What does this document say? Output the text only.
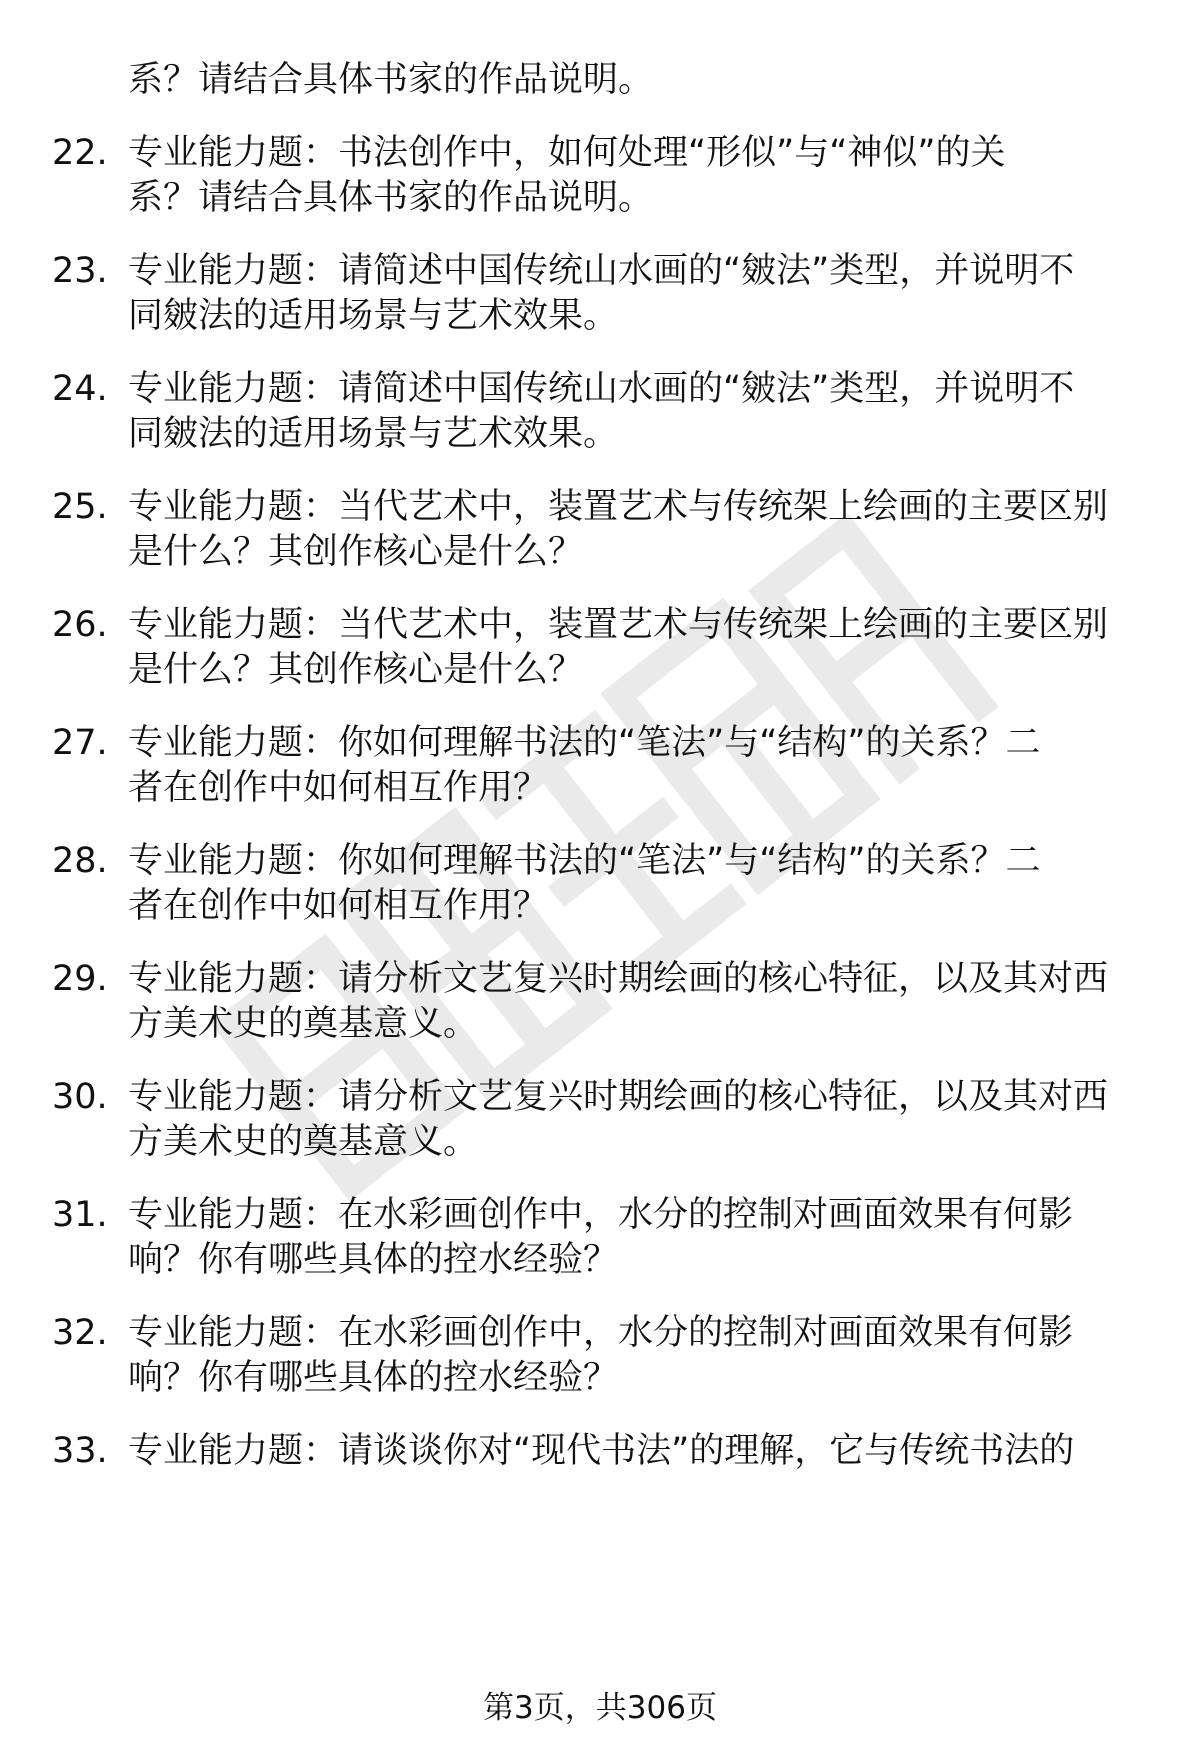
系？请结合具体书家的作品说明。
22. 专业能力题：书法创作中，如何处理“形似”与“神似”的关
系？请结合具体书家的作品说明。
23. 专业能力题：请简述中国传统山水画的“皴法”类型，并说明不
同皴法的适用场景与艺术效果。
24. 专业能力题：请简述中国传统山水画的“皴法”类型，并说明不
同皴法的适用场景与艺术效果。
25. 专业能力题：当代艺术中，装置艺术与传统架上绘画的主要区别
是什么？其创作核心是什么？
26. 专业能力题：当代艺术中，装置艺术与传统架上绘画的主要区别
是什么？其创作核心是什么？
27. 专业能力题：你如何理解书法的“笔法”与“结构”的关系？二
者在创作中如何相互作用？
28. 专业能力题：你如何理解书法的“笔法”与“结构”的关系？二
者在创作中如何相互作用？
29. 专业能力题：请分析文艺复兴时期绘画的核心特征，以及其对西
方美术史的奠基意义。
30. 专业能力题：请分析文艺复兴时期绘画的核心特征，以及其对西
方美术史的奠基意义。
31. 专业能力题：在水彩画创作中，水分的控制对画面效果有何影
响？你有哪些具体的控水经验？
32. 专业能力题：在水彩画创作中，水分的控制对画面效果有何影
响？你有哪些具体的控水经验？
33. 专业能力题：请谈谈你对“现代书法”的理解，它与传统书法的
第3页，共306页
